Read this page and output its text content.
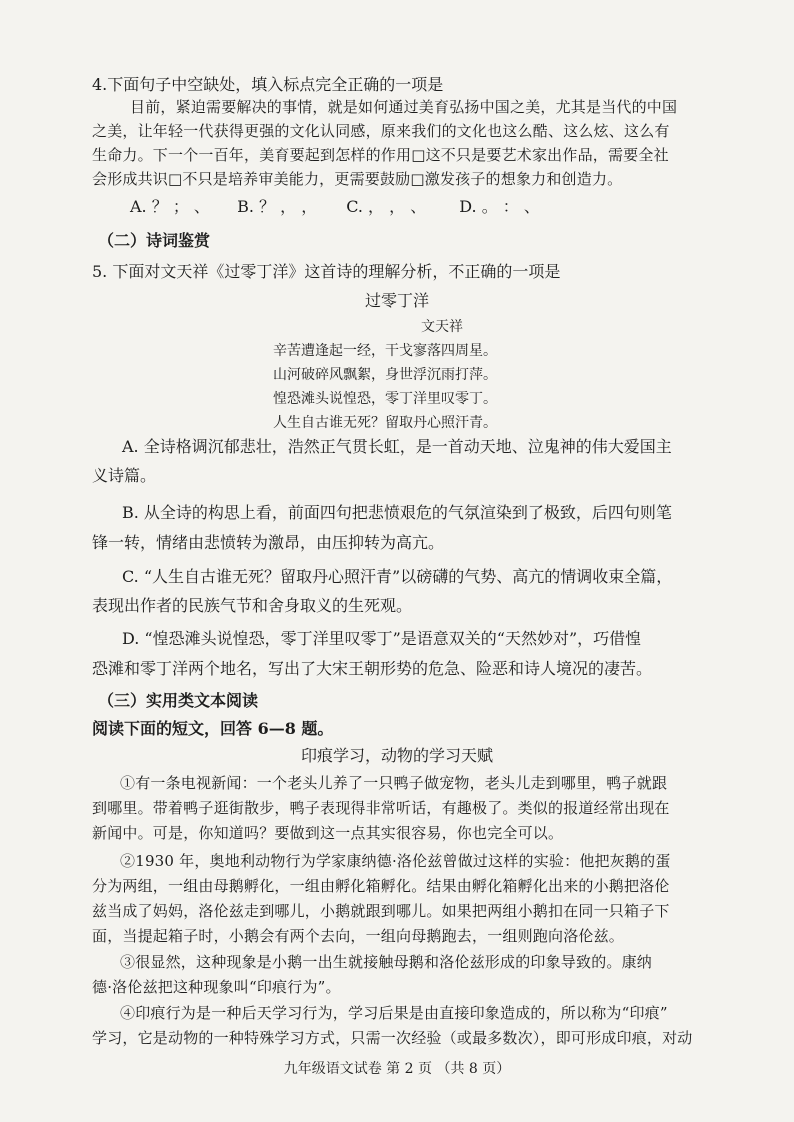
4.下面句子中空缺处，填入标点完全正确的一项是
目前，紧迫需要解决的事情，就是如何通过美育弘扬中国之美，尤其是当代的中国
之美，让年轻一代获得更强的文化认同感，原来我们的文化也这么酷、这么炫、这么有
生命力。下一个一百年，美育要起到怎样的作用□这不只是要艺术家出作品，需要全社
会形成共识□不只是培养审美能力，更需要鼓励□激发孩子的想象力和创造力。
A. ？ ； 、 B. ？ ， ， C. ， ， 、 D. 。 ： 、
（二）诗词鉴赏
5. 下面对文天祥《过零丁洋》这首诗的理解分析，不正确的一项是
过零丁洋
文天祥
辛苦遭逢起一经，干戈寥落四周星。
山河破碎风飘絮，身世浮沉雨打萍。
惶恐滩头说惶恐，零丁洋里叹零丁。
人生自古谁无死？留取丹心照汗青。
A. 全诗格调沉郁悲壮，浩然正气贯长虹，是一首动天地、泣鬼神的伟大爱国主
义诗篇。
B. 从全诗的构思上看，前面四句把悲愤艰危的气氛渲染到了极致，后四句则笔
锋一转，情绪由悲愤转为激昂，由压抑转为高亢。
C. “人生自古谁无死？留取丹心照汗青”以磅礴的气势、高亢的情调收束全篇，
表现出作者的民族气节和舍身取义的生死观。
D. “惶恐滩头说惶恐，零丁洋里叹零丁”是语意双关的“天然妙对”，巧借惶
恐滩和零丁洋两个地名，写出了大宋王朝形势的危急、险恶和诗人境况的凄苦。
（三）实用类文本阅读
阅读下面的短文，回答 6—8 题。
印痕学习，动物的学习天赋
①有一条电视新闻：一个老头儿养了一只鸭子做宠物，老头儿走到哪里，鸭子就跟
到哪里。带着鸭子逛街散步，鸭子表现得非常听话，有趣极了。类似的报道经常出现在
新闻中。可是，你知道吗？要做到这一点其实很容易，你也完全可以。
②1930 年，奥地利动物行为学家康纳德·洛伦兹曾做过这样的实验：他把灰鹅的蛋
分为两组，一组由母鹅孵化，一组由孵化箱孵化。结果由孵化箱孵化出来的小鹅把洛伦
兹当成了妈妈，洛伦兹走到哪儿，小鹅就跟到哪儿。如果把两组小鹅扣在同一只箱子下
面，当提起箱子时，小鹅会有两个去向，一组向母鹅跑去，一组则跑向洛伦兹。
③很显然，这种现象是小鹅一出生就接触母鹅和洛伦兹形成的印象导致的。康纳
德·洛伦兹把这种现象叫“印痕行为”。
④印痕行为是一种后天学习行为，学习后果是由直接印象造成的，所以称为“印痕”
学习，它是动物的一种特殊学习方式，只需一次经验（或最多数次），即可形成印痕，对动
九年级语文试卷 第 2 页 （共 8 页）
